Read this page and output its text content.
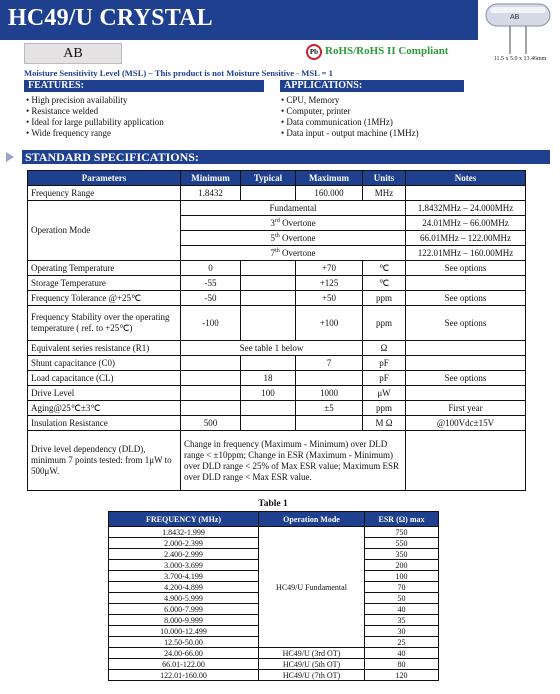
HC49/U CRYSTAL	AB
11.5 x 5.0 x 13.46mm
AB	Pb RoHS/RoHS II Compliant
Moisture Sensitivity Level (MSL) – This product is not Moisture Sensitive - MSL = 1
FEATURES:
• High precision availability
• Resistance welded
• Ideal for large pullability application
• Wide frequency range
APPLICATIONS:
• CPU, Memory
• Computer, printer
• Data communication (1MHz)
• Data input - output machine (1MHz)
STANDARD SPECIFICATIONS:
Parameters	Minimum	Typical	Maximum	Units	Notes
Frequency Range	1.8432		160.000	MHz	
Operation Mode	Fundamental				1.8432MHz – 24.000MHz
	3rd Overtone				24.01MHz – 66.00MHz
	5th Overtone				66.01MHz – 122.00MHz
	7th Overtone				122.01MHz – 160.00MHz
Operating Temperature	0		+70	℃	See options
Storage Temperature	-55		+125	℃	
Frequency Tolerance @+25℃	-50		+50	ppm	See options
Frequency Stability over the operating temperature ( ref. to +25℃)	-100		+100	ppm	See options
Equivalent series resistance (R1)	See table 1 below			Ω	
Shunt capacitance (C0)			7	pF	
Load capacitance (CL)		18		pF	See options
Drive Level		100	1000	μW	
Aging@25℃±3℃			±5	ppm	First year
Insulation Resistance	500			M Ω	@100Vdc±15V
Drive level dependency (DLD), minimum 7 points tested: from 1μW to 500μW.	Change in frequency (Maximum - Minimum) over DLD range < ±10ppm; Change in ESR (Maximum - Minimum) over DLD range < 25% of Max ESR value; Maximum ESR over DLD range < Max ESR value.				
Table 1
FREQUENCY (MHz)	Operation Mode	ESR (Ω) max
1.8432-1.999	HC49/U Fundamental	750
2.000-2.399		550
2.400-2.999		350
3.000-3.699		200
3.700-4.199		100
4.200-4.899		70
4.900-5.999		50
6.000-7.999		40
8.000-9.999		35
10.000-12.499		30
12.50-50.00		25
24.00-66.00	HC49/U (3rd OT)	40
66.01-122.00	HC49/U (5th OT)	80
122.01-160.00	HC49/U (7th OT)	120
